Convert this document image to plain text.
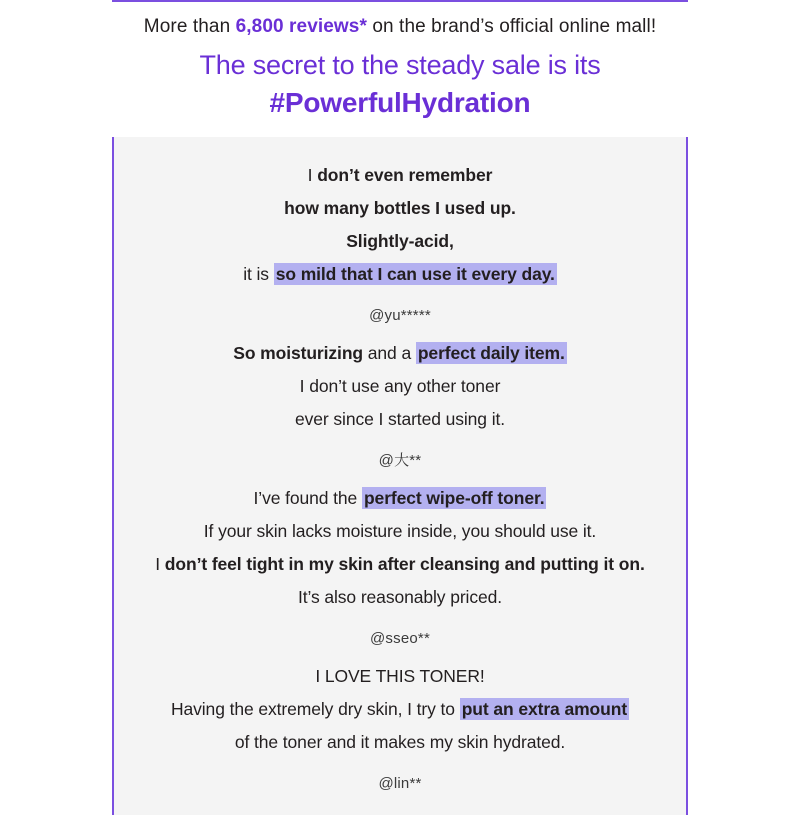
More than 6,800 reviews* on the brand’s official online mall!
The secret to the steady sale is its
#PowerfulHydration
I don’t even remember
how many bottles I used up.
Slightly-acid,
it is so mild that I can use it every day.
@yu*****
So moisturizing and a perfect daily item.
I don’t use any other toner
ever since I started using it.
@大**
I’ve found the perfect wipe-off toner.
If your skin lacks moisture inside, you should use it.
I don’t feel tight in my skin after cleansing and putting it on.
It’s also reasonably priced.
@sseo**
I LOVE THIS TONER!
Having the extremely dry skin, I try to put an extra amount
of the toner and it makes my skin hydrated.
@lin**
